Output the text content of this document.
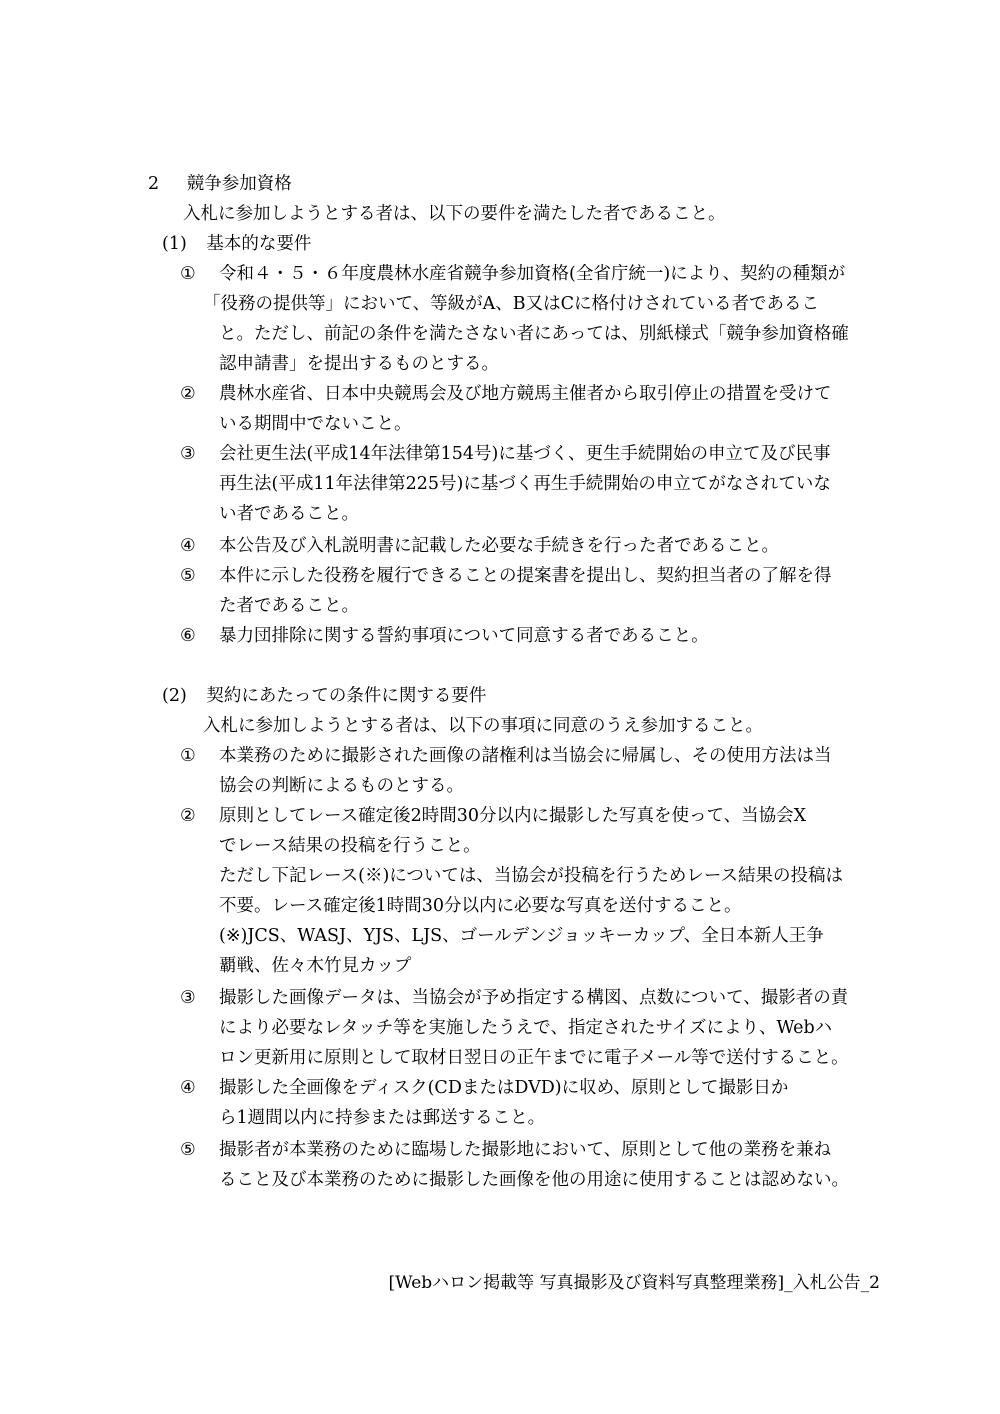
2 競争参加資格
入札に参加しようとする者は、以下の要件を満たした者であること。
(1) 基本的な要件
① 令和４・５・６年度農林水産省競争参加資格(全省庁統一)により、契約の種類が
「役務の提供等」において、等級がA、B又はCに格付けされている者であるこ
と。ただし、前記の条件を満たさない者にあっては、別紙様式「競争参加資格確
認申請書」を提出するものとする。
② 農林水産省、日本中央競馬会及び地方競馬主催者から取引停止の措置を受けて
いる期間中でないこと。
③ 会社更生法(平成14年法律第154号)に基づく、更生手続開始の申立て及び民事
再生法(平成11年法律第225号)に基づく再生手続開始の申立てがなされていな
い者であること。
④ 本公告及び入札説明書に記載した必要な手続きを行った者であること。
⑤ 本件に示した役務を履行できることの提案書を提出し、契約担当者の了解を得
た者であること。
⑥ 暴力団排除に関する誓約事項について同意する者であること。
(2) 契約にあたっての条件に関する要件
入札に参加しようとする者は、以下の事項に同意のうえ参加すること。
① 本業務のために撮影された画像の諸権利は当協会に帰属し、その使用方法は当
協会の判断によるものとする。
② 原則としてレース確定後2時間30分以内に撮影した写真を使って、当協会X
でレース結果の投稿を行うこと。
ただし下記レース(※)については、当協会が投稿を行うためレース結果の投稿は
不要。レース確定後1時間30分以内に必要な写真を送付すること。
(※)JCS、WASJ、YJS、LJS、ゴールデンジョッキーカップ、全日本新人王争
覇戦、佐々木竹見カップ
③ 撮影した画像データは、当協会が予め指定する構図、点数について、撮影者の責
により必要なレタッチ等を実施したうえで、指定されたサイズにより、Webハ
ロン更新用に原則として取材日翌日の正午までに電子メール等で送付すること。
④ 撮影した全画像をディスク(CDまたはDVD)に収め、原則として撮影日か
ら1週間以内に持参または郵送すること。
⑤ 撮影者が本業務のために臨場した撮影地において、原則として他の業務を兼ね
ること及び本業務のために撮影した画像を他の用途に使用することは認めない。
[Webハロン掲載等 写真撮影及び資料写真整理業務]_入札公告_2
